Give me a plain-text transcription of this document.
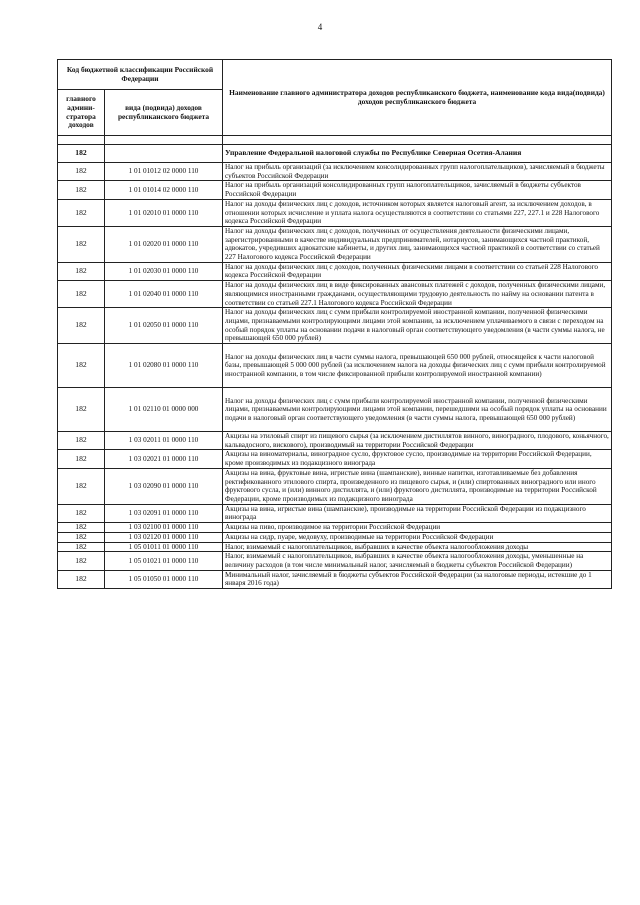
4
Код бюджетной классификации Российской Федерации		Наименование главного администратора доходов республиканского бюджета, наименование кода вида(подвида) доходов республиканского бюджета
главного админи-стратора доходов	вида (подвида) доходов республиканского бюджета	

182		Управление Федеральной налоговой службы по Республике Северная Осетия-Алания
182	1 01 01012 02 0000 110	Налог на прибыль организаций (за исключением консолидированных групп налогоплательщиков), зачисляемый в бюджеты субъектов Российской Федерации
182	1 01 01014 02 0000 110	Налог на прибыль организаций консолидированных групп налогоплательщиков, зачисляемый в бюджеты субъектов Российской Федерации
182	1 01 02010 01 0000 110	Налог на доходы физических лиц с доходов, источником которых является налоговый агент, за исключением доходов, в отношении которых исчисление и уплата налога осуществляются в соответствии со статьями 227, 227.1 и 228 Налогового кодекса Российской Федерации
182	1 01 02020 01 0000 110	Налог на доходы физических лиц с доходов, полученных от осуществления деятельности физическими лицами, зарегистрированными в качестве индивидуальных предпринимателей, нотариусов, занимающихся частной практикой, адвокатов, учредивших адвокатские кабинеты, и других лиц, занимающихся частной практикой в соответствии со статьей 227 Налогового кодекса Российской Федерации
182	1 01 02030 01 0000 110	Налог на доходы физических лиц с доходов, полученных физическими лицами в соответствии со статьей 228 Налогового кодекса Российской Федерации
182	1 01 02040 01 0000 110	Налог на доходы физических лиц в виде фиксированных авансовых платежей с доходов, полученных физическими лицами, являющимися иностранными гражданами, осуществляющими трудовую деятельность по найму на основании патента в соответствии со статьей 227.1 Налогового кодекса Российской Федерации
182	1 01 02050 01 0000 110	Налог на доходы физических лиц с сумм прибыли контролируемой иностранной компании, полученной физическими лицами, признаваемыми контролирующими лицами этой компании, за исключением уплачиваемого в связи с переходом на особый порядок уплаты на основании подачи в налоговый орган соответствующего уведомления (в части суммы налога, не превышающей 650 000 рублей)
182	1 01 02080 01 0000 110	Налог на доходы физических лиц в части суммы налога, превышающей 650 000 рублей, относящейся к части налоговой базы, превышающей 5 000 000 рублей (за исключением налога на доходы физических лиц с сумм прибыли контролируемой иностранной компании, в том числе фиксированной прибыли контролируемой иностранной компании)
182	1 01 02110 01 0000 000	Налог на доходы физических лиц с сумм прибыли контролируемой иностранной компании, полученной физическими лицами, признаваемыми контролирующими лицами этой компании, перешедшими на особый порядок уплаты на основании подачи в налоговый орган соответствующего уведомления (в части суммы налога, превышающей 650 000 рублей)
182	1 03 02011 01 0000 110	Акцизы на этиловый спирт из пищевого сырья (за исключением дистиллятов винного, виноградного, плодового, коньячного, кальвадосного, вискового), производимый на территории Российской Федерации
182	1 03 02021 01 0000 110	Акцизы на виноматериалы, виноградное сусло, фруктовое сусло, производимые на территории Российской Федерации, кроме производимых из подакцизного винограда
182	1 03 02090 01 0000 110	Акцизы на вина, фруктовые вина, игристые вина (шампанские), винные напитки, изготавливаемые без добавления ректификованного этилового спирта, произведенного из пищевого сырья, и (или) спиртованных виноградного или иного фруктового сусла, и (или) винного дистиллята, и (или) фруктового дистиллята, производимые на территории Российской Федерации, кроме производимых из подакцизного винограда
182	1 03 02091 01 0000 110	Акцизы на вина, игристые вина (шампанские), производимые на территории Российской Федерации из подакцизного винограда
182	1 03 02100 01 0000 110	Акцизы на пиво, производимое на территории Российской Федерации
182	1 03 02120 01 0000 110	Акцизы на сидр, пуаре, медовуху, производимые на территории Российской Федерации
182	1 05 01011 01 0000 110	Налог, взимаемый с налогоплательщиков, выбравших в качестве объекта налогообложения доходы
182	1 05 01021 01 0000 110	Налог, взимаемый с налогоплательщиков, выбравших в качестве объекта налогообложения доходы, уменьшенные на величину расходов (в том числе минимальный налог, зачисляемый в бюджеты субъектов Российской Федерации)
182	1 05 01050 01 0000 110	Минимальный налог, зачисляемый в бюджеты субъектов Российской Федерации (за налоговые периоды, истекшие до 1 января 2016 года)
